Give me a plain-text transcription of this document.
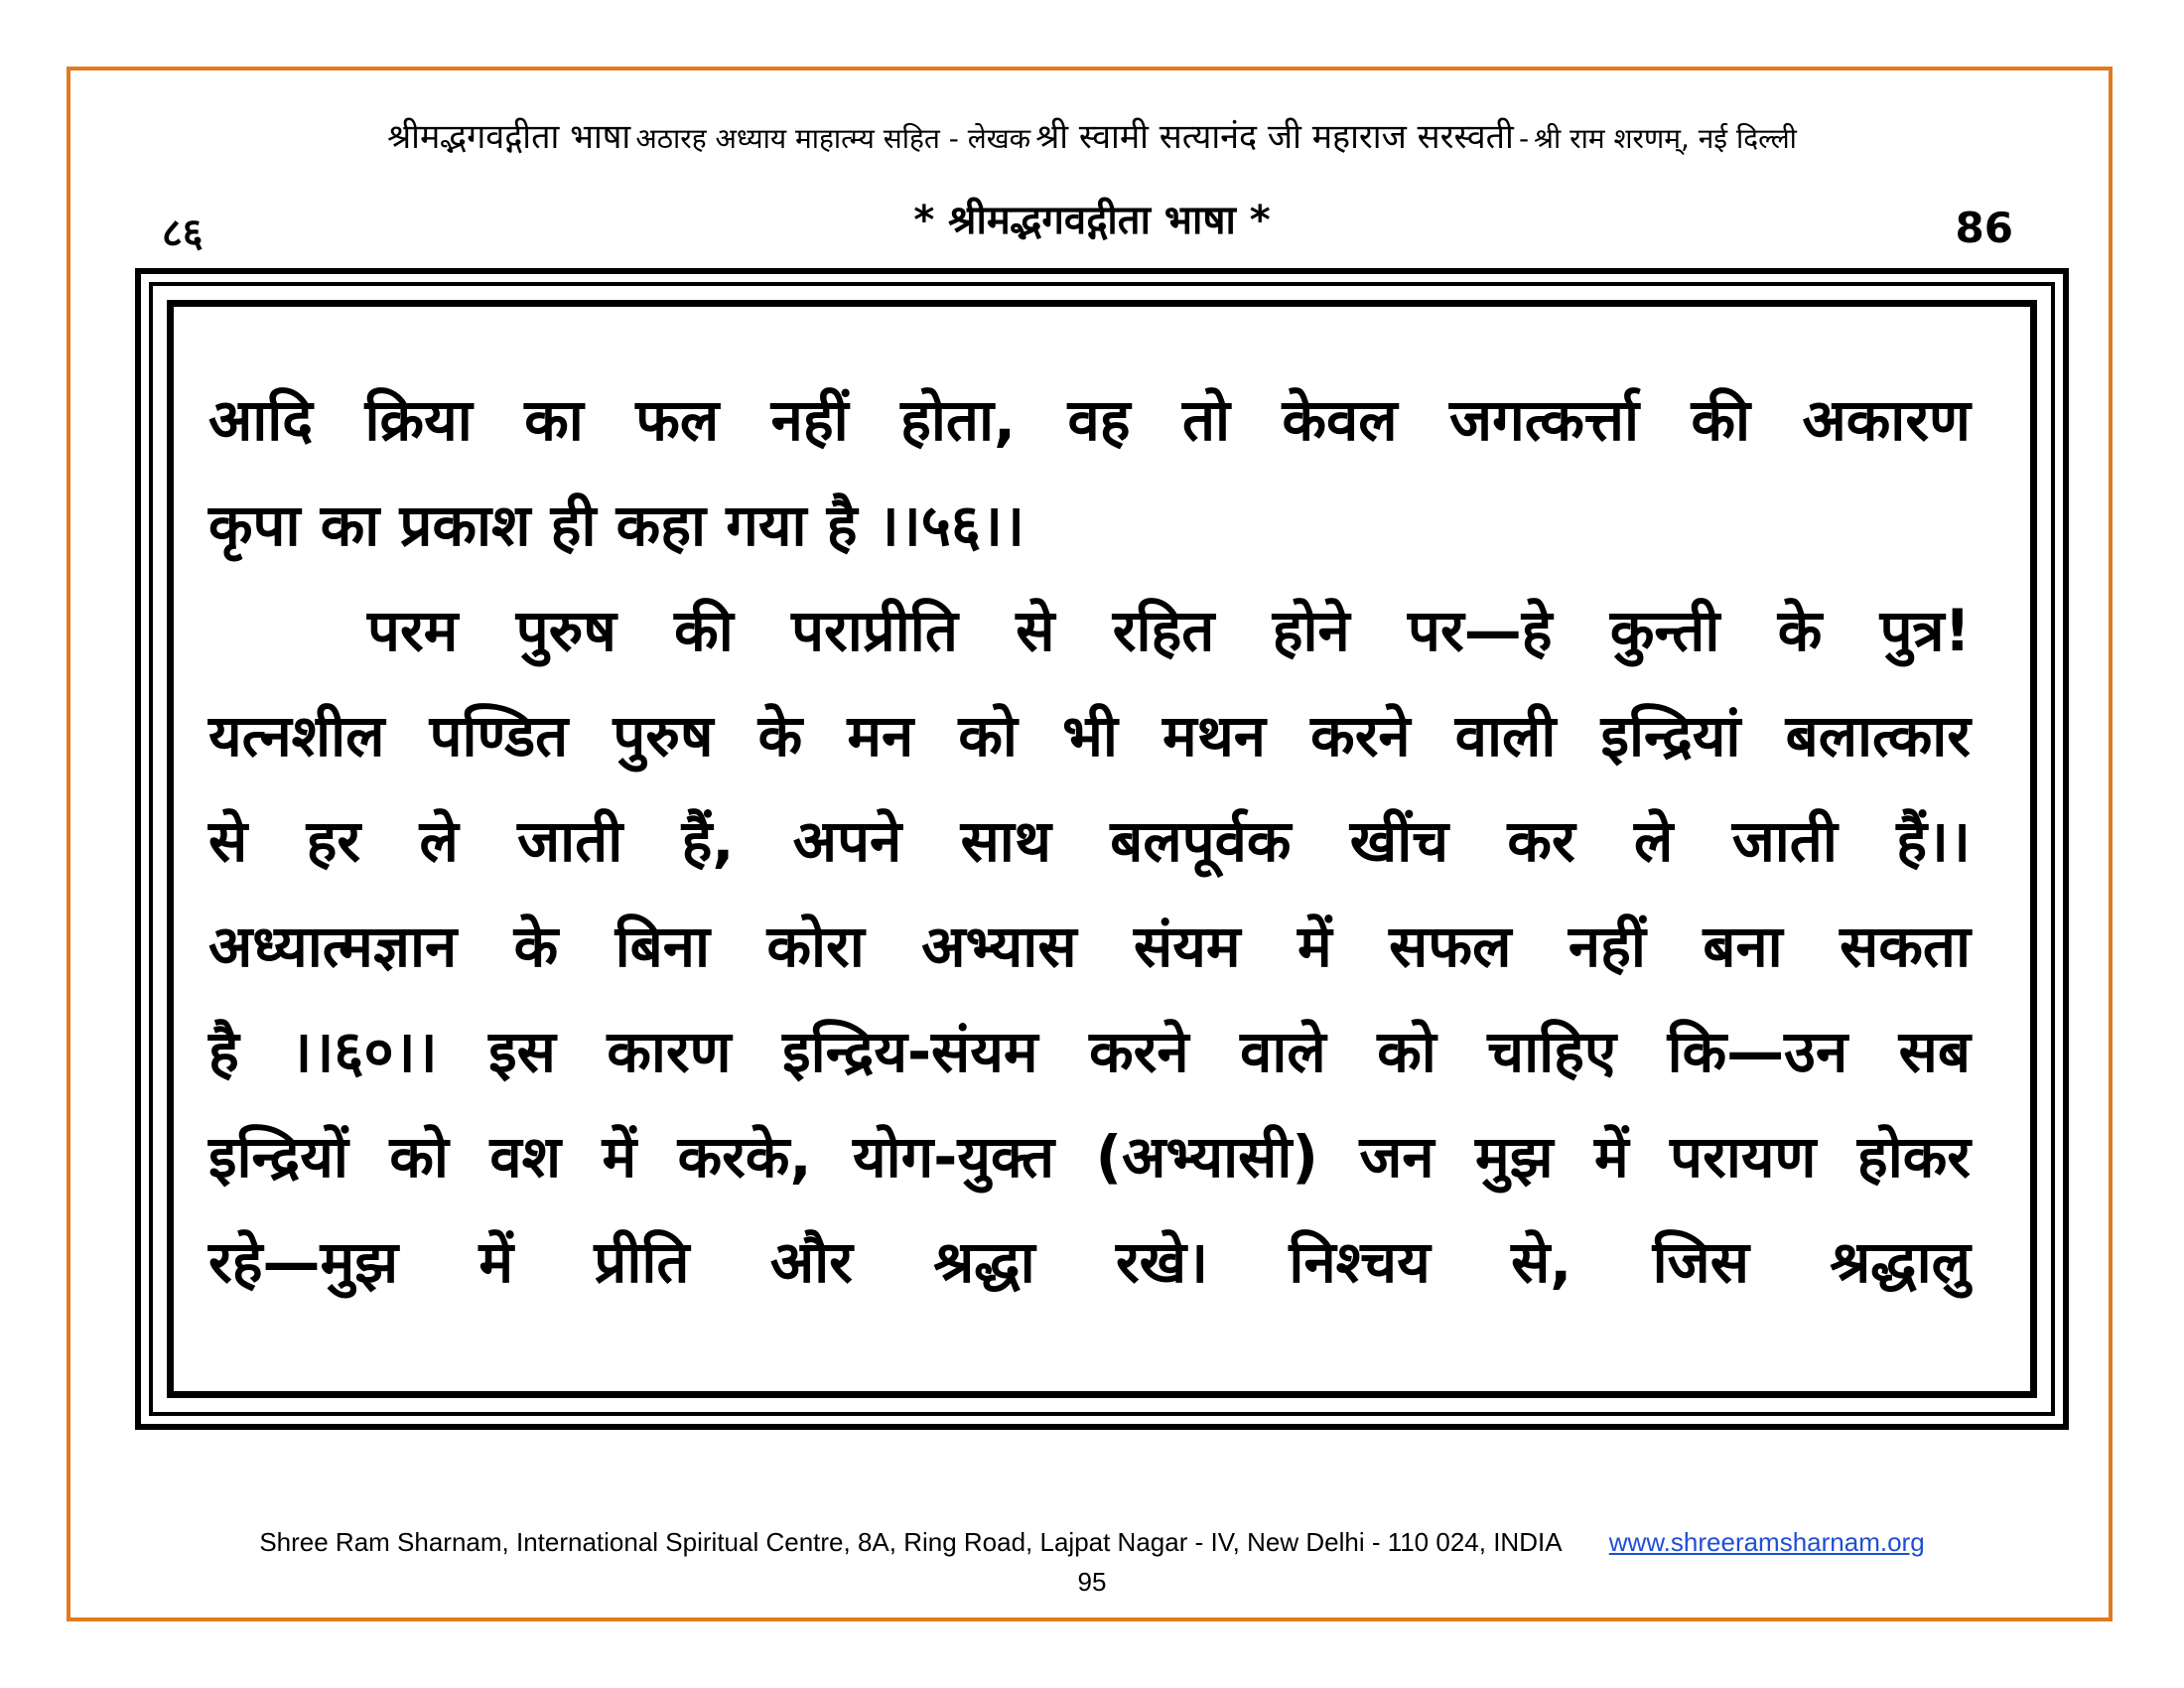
श्रीमद्भगवद्गीता भाषा अठारह अध्याय माहात्म्य सहित - लेखक श्री स्वामी सत्यानंद जी महाराज सरस्वती - श्री राम शरणम्, नई दिल्ली
८६	* श्रीमद्भगवद्गीता भाषा *	86
आदि क्रिया का फल नहीं होता, वह तो केवल जगत्कर्त्ता की अकारण
कृपा का प्रकाश ही कहा गया है ।।५६।।
परम पुरुष की पराप्रीति से रहित होने पर—हे कुन्ती के पुत्र!
यत्नशील पण्डित पुरुष के मन को भी मथन करने वाली इन्द्रियां बलात्कार
से हर ले जाती हैं, अपने साथ बलपूर्वक खींच कर ले जाती हैं।।
अध्यात्मज्ञान के बिना कोरा अभ्यास संयम में सफल नहीं बना सकता
है ।।६०।। इस कारण इन्द्रिय-संयम करने वाले को चाहिए कि—उन सब
इन्द्रियों को वश में करके, योग-युक्त (अभ्यासी) जन मुझ में परायण होकर
रहे—मुझ में प्रीति और श्रद्धा रखे। निश्चय से, जिस श्रद्धालु
Shree Ram Sharnam, International Spiritual Centre, 8A, Ring Road, Lajpat Nagar - IV, New Delhi - 110 024, INDIA www.shreeramsharnam.org
95
